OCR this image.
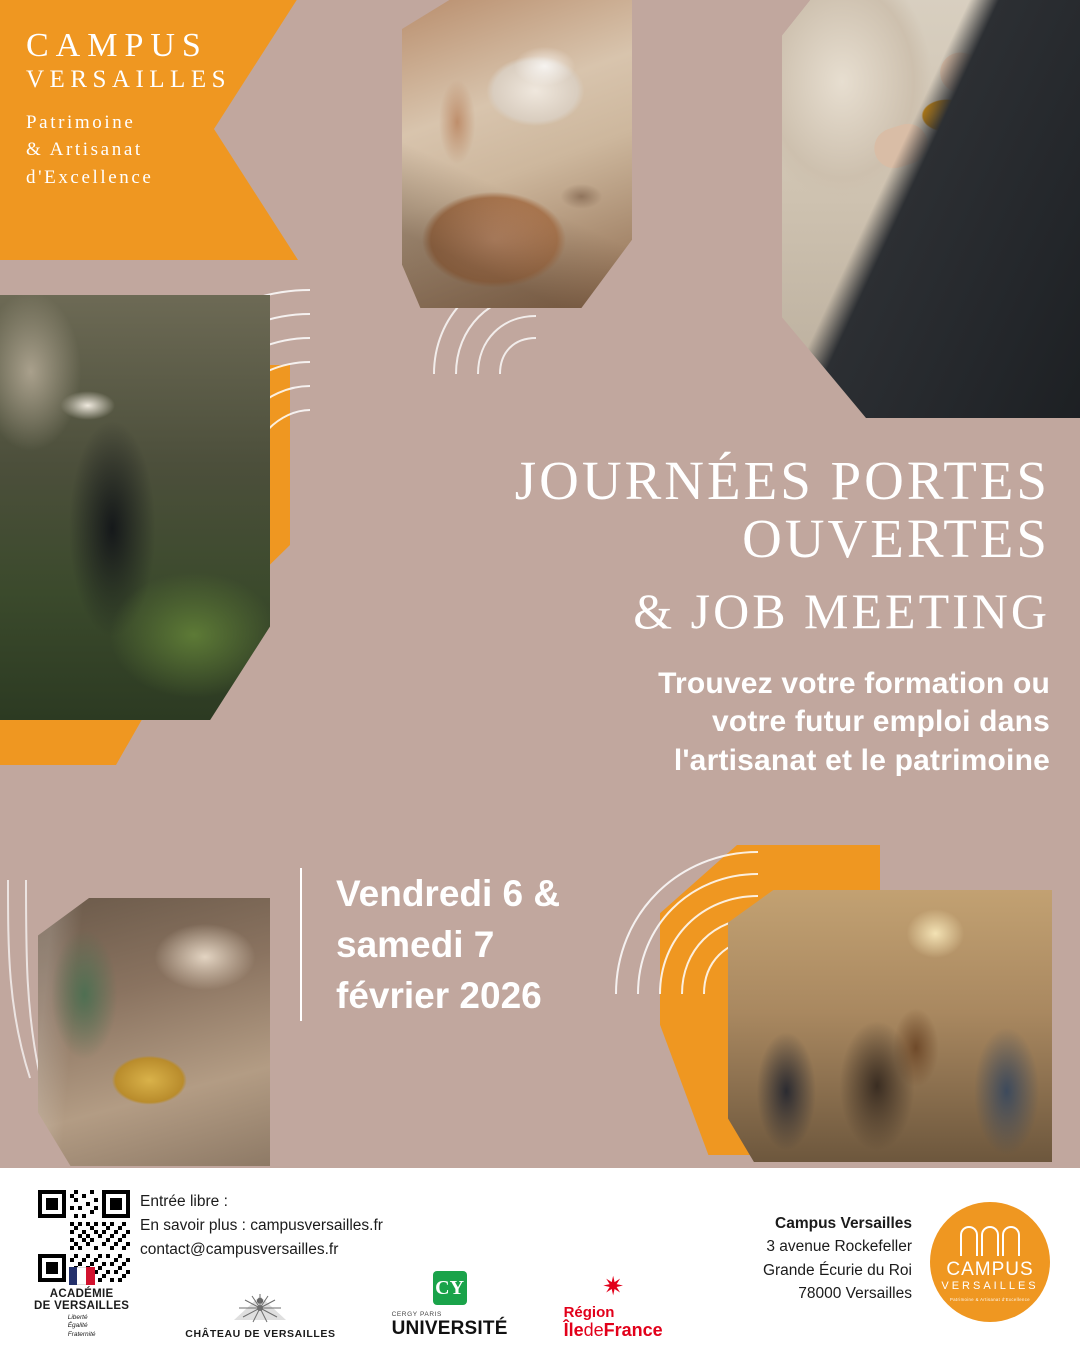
CAMPUS
VERSAILLES
Patrimoine
& Artisanat
d'Excellence
JOURNÉES PORTES
OUVERTES
& JOB MEETING
Trouvez votre formation ou
votre futur emploi dans
l'artisanat et le patrimoine
Vendredi 6 &
samedi 7
février 2026
Entrée libre :
En savoir plus : campusversailles.fr
contact@campusversailles.fr
Campus Versailles
3 avenue Rockefeller
Grande Écurie du Roi
78000 Versailles
ACADÉMIE
DE VERSAILLES
Liberté
Égalité
Fraternité	CHÂTEAU DE VERSAILLES
CY
CERGY PARIS
UNIVERSITÉ
✷
Région
ÎledeFrance
CAMPUS
VERSAILLES
Patrimoine & Artisanat d'Excellence
